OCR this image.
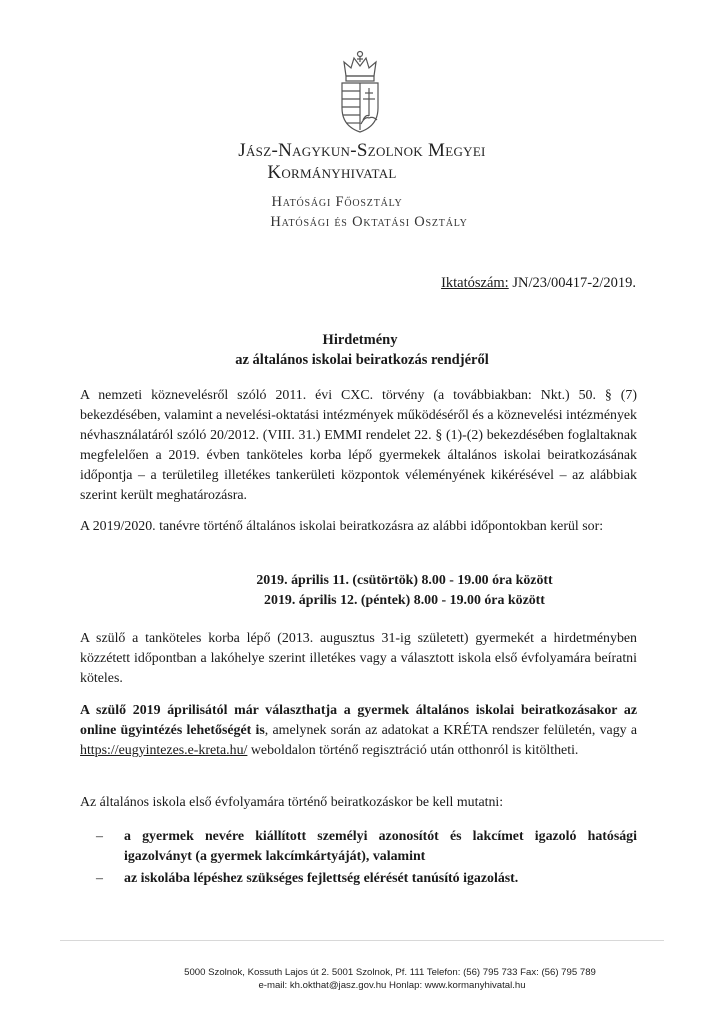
Jász-Nagykun-Szolnok Megyei
Kormányhivatal
Hatósági Főosztály
Hatósági és Oktatási Osztály
Iktatószám: JN/23/00417-2/2019.
Hirdetmény
az általános iskolai beiratkozás rendjéről
A nemzeti köznevelésről szóló 2011. évi CXC. törvény (a továbbiakban: Nkt.) 50. § (7) bekezdésében, valamint a nevelési-oktatási intézmények működéséről és a köznevelési intézmények névhasználatáról szóló 20/2012. (VIII. 31.) EMMI rendelet 22. § (1)-(2) bekezdésében foglaltaknak megfelelően a 2019. évben tanköteles korba lépő gyermekek általános iskolai beiratkozásának időpontja – a területileg illetékes tankerületi központok véleményének kikérésével – az alábbiak szerint került meghatározásra.
A 2019/2020. tanévre történő általános iskolai beiratkozásra az alábbi időpontokban kerül sor:
2019. április 11. (csütörtök) 8.00 - 19.00 óra között
2019. április 12. (péntek) 8.00 - 19.00 óra között
A szülő a tanköteles korba lépő (2013. augusztus 31-ig született) gyermekét a hirdetményben közzétett időpontban a lakóhelye szerint illetékes vagy a választott iskola első évfolyamára beíratni köteles.
A szülő 2019 áprilisától már választhatja a gyermek általános iskolai beiratkozásakor az online ügyintézés lehetőségét is, amelynek során az adatokat a KRÉTA rendszer felületén, vagy a https://eugyintezes.e-kreta.hu/ weboldalon történő regisztráció után otthonról is kitöltheti.
Az általános iskola első évfolyamára történő beiratkozáskor be kell mutatni:
– a gyermek nevére kiállított személyi azonosítót és lakcímet igazoló hatósági igazolványt (a gyermek lakcímkártyáját), valamint
– az iskolába lépéshez szükséges fejlettség elérését tanúsító igazolást.
5000 Szolnok, Kossuth Lajos út 2. 5001 Szolnok, Pf. 111 Telefon: (56) 795 733 Fax: (56) 795 789
e-mail: kh.okthat@jasz.gov.hu Honlap: www.kormanyhivatal.hu
